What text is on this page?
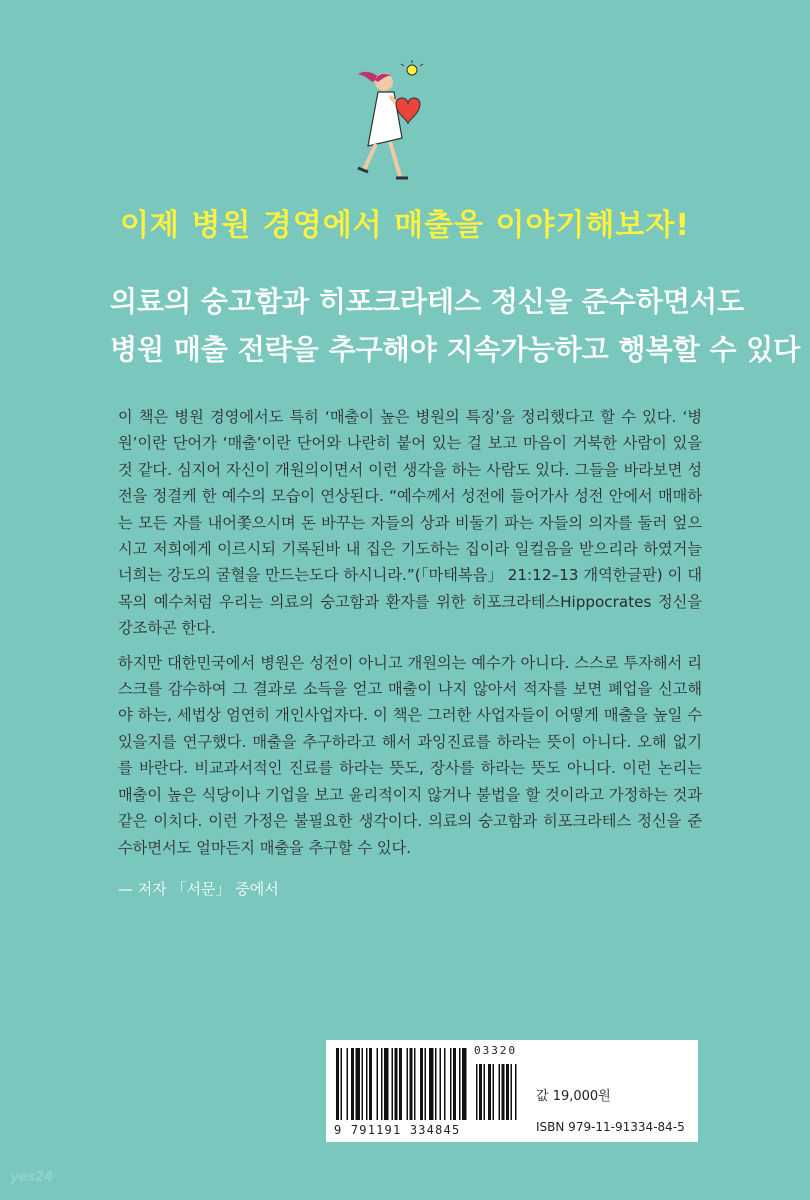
이제 병원 경영에서 매출을 이야기해보자!
의료의 숭고함과 히포크라테스 정신을 준수하면서도
병원 매출 전략을 추구해야 지속가능하고 행복할 수 있다

이 책은 병원 경영에서도 특히 ‘매출이 높은 병원의 특징’을 정리했다고 할 수 있다. ‘병원’이란 단어가 ‘매출’이란 단어와 나란히 붙어 있는 걸 보고 마음이 거북한 사람이 있을 것 같다. 심지어 자신이 개원의이면서 이런 생각을 하는 사람도 있다. 그들을 바라보면 성전을 정결케 한 예수의 모습이 연상된다. “예수께서 성전에 들어가사 성전 안에서 매매하는 모든 자를 내어쫓으시며 돈 바꾸는 자들의 상과 비둘기 파는 자들의 의자를 둘러 엎으시고 저희에게 이르시되 기록된바 내 집은 기도하는 집이라 일컬음을 받으리라 하였거늘 너희는 강도의 굴혈을 만드는도다 하시니라.”(「마태복음」 21:12–13 개역한글판) 이 대목의 예수처럼 우리는 의료의 숭고함과 환자를 위한 히포크라테스Hippocrates 정신을 강조하곤 한다.

하지만 대한민국에서 병원은 성전이 아니고 개원의는 예수가 아니다. 스스로 투자해서 리스크를 감수하여 그 결과로 소득을 얻고 매출이 나지 않아서 적자를 보면 폐업을 신고해야 하는, 세법상 엄연히 개인사업자다. 이 책은 그러한 사업자들이 어떻게 매출을 높일 수 있을지를 연구했다. 매출을 추구하라고 해서 과잉진료를 하라는 뜻이 아니다. 오해 없기를 바란다. 비교과서적인 진료를 하라는 뜻도, 장사를 하라는 뜻도 아니다. 이런 논리는 매출이 높은 식당이나 기업을 보고 윤리적이지 않거나 불법을 할 것이라고 가정하는 것과 같은 이치다. 이런 가정은 불필요한 생각이다. 의료의 숭고함과 히포크라테스 정신을 준수하면서도 얼마든지 매출을 추구할 수 있다.

— 저자 「서문」 중에서
03320
9 791191 334845
값 19,000원
ISBN 979-11-91334-84-5
yes24
